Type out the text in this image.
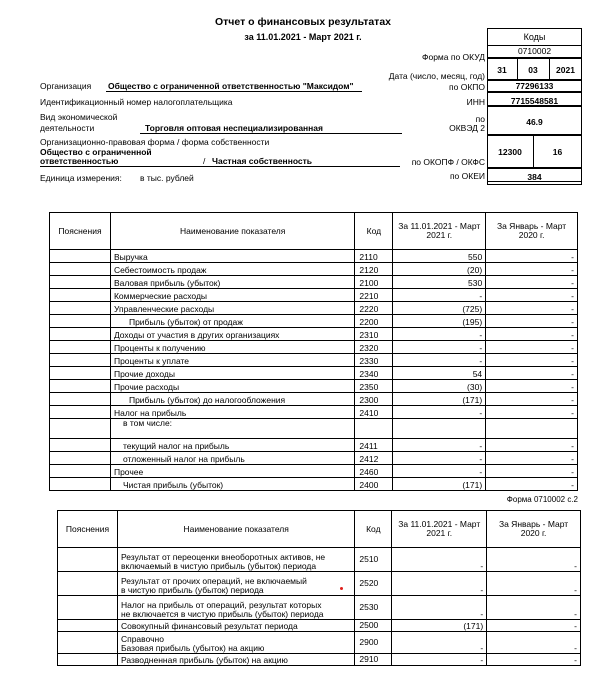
Отчет о финансовых результатах
за 11.01.2021 - Март 2021 г.	Коды
0710002
Форма по ОКУД
31	03	2021
Дата (число, месяц, год)
Организация Общество с ограниченной ответственностью "Максидом"	по ОКПО	77296133
Идентификационный номер налогоплательщика	ИНН	7715548581
Вид экономической
деятельности	Торговля оптовая неспециализированная
по
ОКВЭД 2
46.9
Организационно-правовая форма / форма собственности
Общество с ограниченной
ответственностью	/ Частная собственность	по ОКОПФ / ОКФС
12300	16
Единица измерения: в тыс. рублей	по ОКЕИ	384
Пояснения	Наименование показателя	Код	За 11.01.2021 - Март 2021 г.	За Январь - Март 2020 г.
	Выручка	2110	550	-
	Себестоимость продаж	2120	(20)	-
	Валовая прибыль (убыток)	2100	530	-
	Коммерческие расходы	2210	-	-
	Управленческие расходы	2220	(725)	-
	Прибыль (убыток) от продаж	2200	(195)	-
	Доходы от участия в других организациях	2310	-	-
	Проценты к получению	2320	-	-
	Проценты к уплате	2330	-	-
	Прочие доходы	2340	54	-
	Прочие расходы	2350	(30)	-
	Прибыль (убыток) до налогообложения	2300	(171)	-
	Налог на прибыль	2410	-	-
	в том числе:			
	текущий налог на прибыль	2411	-	-
	отложенный налог на прибыль	2412	-	-
	Прочее	2460	-	-
	Чистая прибыль (убыток)	2400	(171)	-
Форма 0710002 с.2
Пояснения	Наименование показателя	Код	За 11.01.2021 - Март 2021 г.	За Январь - Март 2020 г.

	Результат от переоценки внеоборотных активов, не
включаемый в чистую прибыль (убыток) периода	2510	-	-

	Результат от прочих операций, не включаемый
в чистую прибыль (убыток) периода	2520	-	-

	Налог на прибыль от операций, результат которых
не включается в чистую прибыль (убыток) периода	2530	-	-

	Совокупный финансовый результат периода	2500	(171)	-

	Справочно
Базовая прибыль (убыток) на акцию	2900	-	-

	Разводненная прибыль (убыток) на акцию	2910	-	-
